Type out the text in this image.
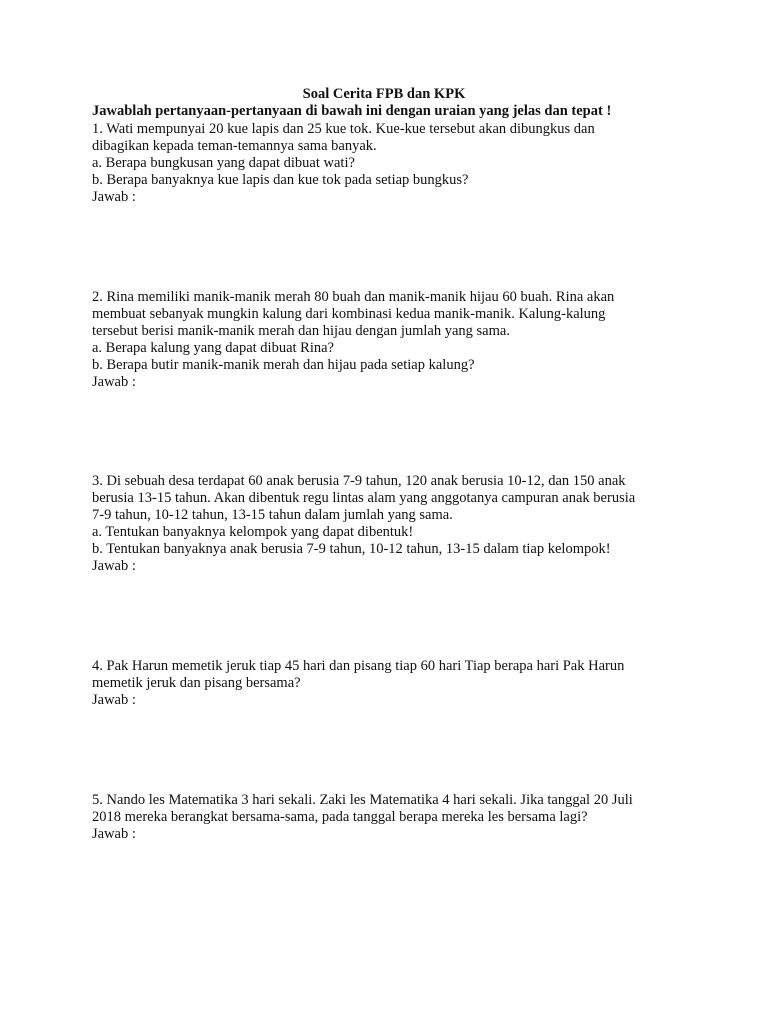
Soal Cerita FPB dan KPK
Jawablah pertanyaan-pertanyaan di bawah ini dengan uraian yang jelas dan tepat !
1. Wati mempunyai 20 kue lapis dan 25 kue tok. Kue-kue tersebut akan dibungkus dan
dibagikan kepada teman-temannya sama banyak.
a. Berapa bungkusan yang dapat dibuat wati?
b. Berapa banyaknya kue lapis dan kue tok pada setiap bungkus?
Jawab :
2. Rina memiliki manik-manik merah 80 buah dan manik-manik hijau 60 buah. Rina akan
membuat sebanyak mungkin kalung dari kombinasi kedua manik-manik. Kalung-kalung
tersebut berisi manik-manik merah dan hijau dengan jumlah yang sama.
a. Berapa kalung yang dapat dibuat Rina?
b. Berapa butir manik-manik merah dan hijau pada setiap kalung?
Jawab :
3. Di sebuah desa terdapat 60 anak berusia 7-9 tahun, 120 anak berusia 10-12, dan 150 anak
berusia 13-15 tahun. Akan dibentuk regu lintas alam yang anggotanya campuran anak berusia
7-9 tahun, 10-12 tahun, 13-15 tahun dalam jumlah yang sama.
a. Tentukan banyaknya kelompok yang dapat dibentuk!
b. Tentukan banyaknya anak berusia 7-9 tahun, 10-12 tahun, 13-15 dalam tiap kelompok!
Jawab :
4. Pak Harun memetik jeruk tiap 45 hari dan pisang tiap 60 hari Tiap berapa hari Pak Harun
memetik jeruk dan pisang bersama?
Jawab :
5. Nando les Matematika 3 hari sekali. Zaki les Matematika 4 hari sekali. Jika tanggal 20 Juli
2018 mereka berangkat bersama-sama, pada tanggal berapa mereka les bersama lagi?
Jawab :
